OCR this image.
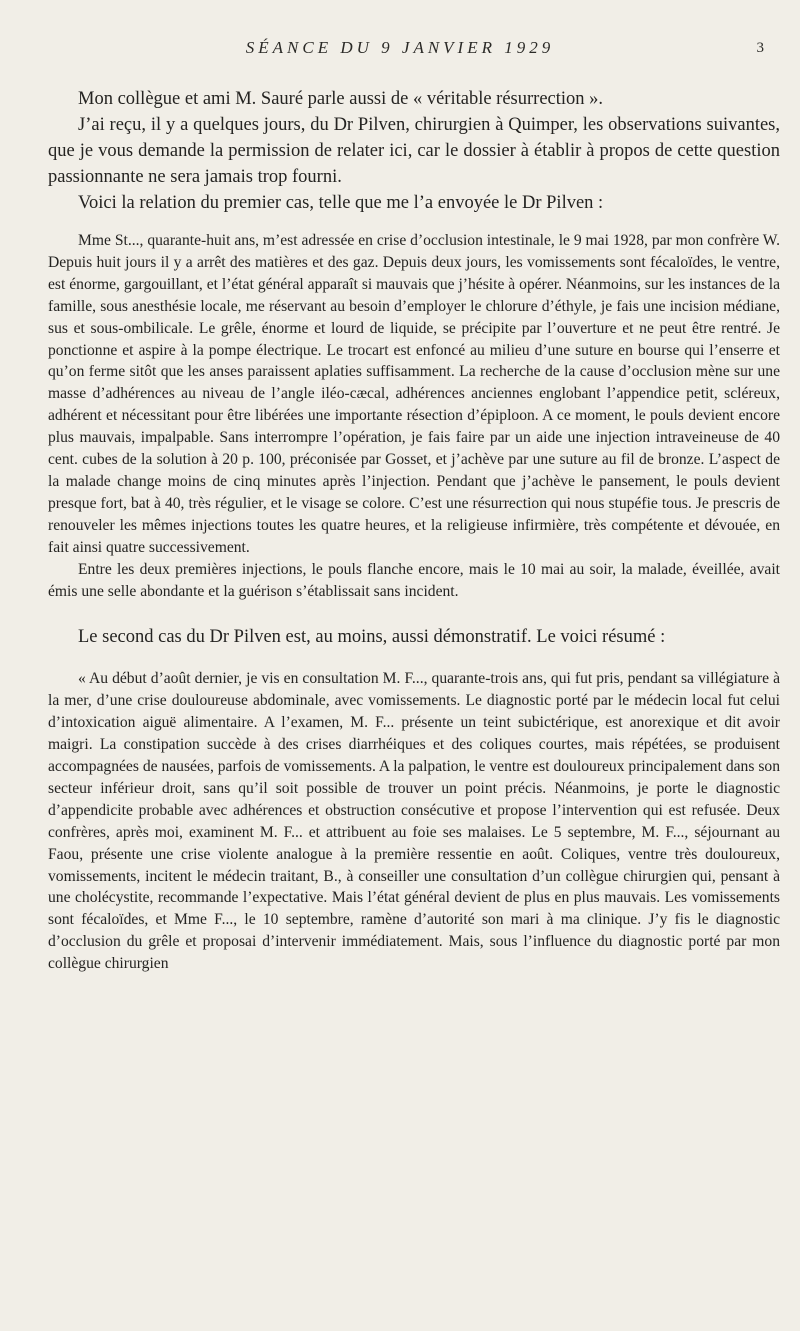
SÉANCE DU 9 JANVIER 1929	3

Mon collègue et ami M. Sauré parle aussi de « véritable résurrection ».

J’ai reçu, il y a quelques jours, du Dr Pilven, chirurgien à Quimper, les observations suivantes, que je vous demande la permission de relater ici, car le dossier à établir à propos de cette question passionnante ne sera jamais trop fourni.

Voici la relation du premier cas, telle que me l’a envoyée le Dr Pilven :

Mme St..., quarante-huit ans, m’est adressée en crise d’occlusion intestinale, le 9 mai 1928, par mon confrère W. Depuis huit jours il y a arrêt des matières et des gaz. Depuis deux jours, les vomissements sont fécaloïdes, le ventre, est énorme, gargouillant, et l’état général apparaît si mauvais que j’hésite à opérer. Néanmoins, sur les instances de la famille, sous anesthésie locale, me réservant au besoin d’employer le chlorure d’éthyle, je fais une incision médiane, sus et sous-ombilicale. Le grêle, énorme et lourd de liquide, se précipite par l’ouverture et ne peut être rentré. Je ponctionne et aspire à la pompe électrique. Le trocart est enfoncé au milieu d’une suture en bourse qui l’enserre et qu’on ferme sitôt que les anses paraissent aplaties suffisamment. La recherche de la cause d’occlusion mène sur une masse d’adhérences au niveau de l’angle iléo-cæcal, adhérences anciennes englobant l’appendice petit, scléreux, adhérent et nécessitant pour être libérées une importante résection d’épiploon. A ce moment, le pouls devient encore plus mauvais, impalpable. Sans interrompre l’opération, je fais faire par un aide une injection intraveineuse de 40 cent. cubes de la solution à 20 p. 100, préconisée par Gosset, et j’achève par une suture au fil de bronze. L’aspect de la malade change moins de cinq minutes après l’injection. Pendant que j’achève le pansement, le pouls devient presque fort, bat à 40, très régulier, et le visage se colore. C’est une résurrection qui nous stupéfie tous. Je prescris de renouveler les mêmes injections toutes les quatre heures, et la religieuse infirmière, très compétente et dévouée, en fait ainsi quatre successivement.

Entre les deux premières injections, le pouls flanche encore, mais le 10 mai au soir, la malade, éveillée, avait émis une selle abondante et la guérison s’établissait sans incident.

Le second cas du Dr Pilven est, au moins, aussi démonstratif. Le voici résumé :

« Au début d’août dernier, je vis en consultation M. F..., quarante-trois ans, qui fut pris, pendant sa villégiature à la mer, d’une crise douloureuse abdominale, avec vomissements. Le diagnostic porté par le médecin local fut celui d’intoxication aiguë alimentaire. A l’examen, M. F... présente un teint subictérique, est anorexique et dit avoir maigri. La constipation succède à des crises diarrhéiques et des coliques courtes, mais répétées, se produisent accompagnées de nausées, parfois de vomissements. A la palpation, le ventre est douloureux principalement dans son secteur inférieur droit, sans qu’il soit possible de trouver un point précis. Néanmoins, je porte le diagnostic d’appendicite probable avec adhérences et obstruction consécutive et propose l’intervention qui est refusée. Deux confrères, après moi, examinent M. F... et attribuent au foie ses malaises. Le 5 septembre, M. F..., séjournant au Faou, présente une crise violente analogue à la première ressentie en août. Coliques, ventre très douloureux, vomissements, incitent le médecin traitant, B., à conseiller une consultation d’un collègue chirurgien qui, pensant à une cholécystite, recommande l’expectative. Mais l’état général devient de plus en plus mauvais. Les vomissements sont fécaloïdes, et Mme F..., le 10 septembre, ramène d’autorité son mari à ma clinique. J’y fis le diagnostic d’occlusion du grêle et proposai d’intervenir immédiatement. Mais, sous l’influence du diagnostic porté par mon collègue chirurgien
